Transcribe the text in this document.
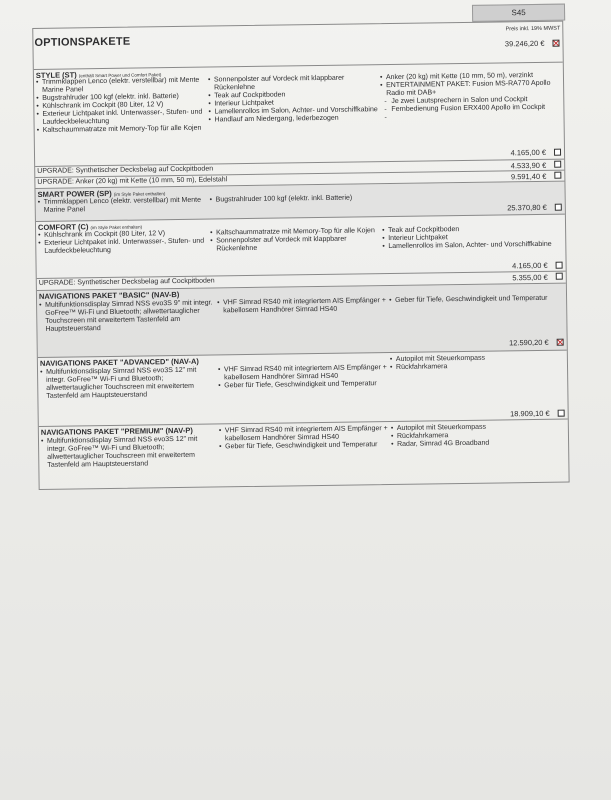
S45
OPTIONSPAKETE
Preis inkl. 19% MWST
39.246,20 €
STYLE (ST) (enthält Smart Power und Comfort Paket)
• Trimmklappen Lenco (elektr. verstellbar) mit Mente Marine Panel
• Bugstrahlruder 100 kgf (elektr. inkl. Batterie)
• Kühlschrank im Cockpit (80 Liter, 12 V)
• Exterieur Lichtpaket inkl. Unterwasser-, Stufen- und Laufdeckbeleuchtung
• Kaltschaummatratze mit Memory-Top für alle Kojen
• Sonnenpolster auf Vordeck mit klappbarer Rückenlehne
• Teak auf Cockpitboden
• Interieur Lichtpaket
• Lamellenrollos im Salon, Achter- und Vorschiffkabine
• Handlauf am Niedergang, lederbezogen
• Anker (20 kg) mit Kette (10 mm, 50 m), verzinkt
• ENTERTAINMENT PAKET: Fusion MS-RA770 Apollo Radio mit DAB+
- Je zwei Lautsprechern in Salon und Cockpit
- Fernbedienung Fusion ERX400 Apollo im Cockpit
-
4.165,00 €
UPGRADE: Synthetischer Decksbelag auf Cockpitboden	4.533,90 €
UPGRADE: Anker (20 kg) mit Kette (10 mm, 50 m), Edelstahl	9.591,40 €
SMART POWER (SP) (im Style Paket enthalten)
• Trimmklappen Lenco (elektr. verstellbar) mit Mente Marine Panel
• Bugstrahlruder 100 kgf (elektr. inkl. Batterie)
25.370,80 €
COMFORT (C) (im Style Paket enthalten)
• Kühlschrank im Cockpit (80 Liter, 12 V)
• Exterieur Lichtpaket inkl. Unterwasser-, Stufen- und Laufdeckbeleuchtung
• Kaltschaummatratze mit Memory-Top für alle Kojen
• Sonnenpolster auf Vordeck mit klappbarer Rückenlehne
• Teak auf Cockpitboden
• Interieur Lichtpaket
• Lamellenrollos im Salon, Achter- und Vorschiffkabine
4.165,00 €
UPGRADE: Synthetischer Decksbelag auf Cockpitboden	5.355,00 €
NAVIGATIONS PAKET "BASIC" (NAV-B)
• Multifunktionsdisplay Simrad NSS evo3S 9" mit integr. GoFree™ Wi-Fi und Bluetooth; allwettertauglicher Touchscreen mit erweitertem Tastenfeld am Hauptsteuerstand
• VHF Simrad RS40 mit integriertem AIS Empfänger + kabellosem Handhörer Simrad HS40
• Geber für Tiefe, Geschwindigkeit und Temperatur
12.590,20 €
NAVIGATIONS PAKET "ADVANCED" (NAV-A)
• Multifunktionsdisplay Simrad NSS evo3S 12" mit integr. GoFree™ Wi-Fi und Bluetooth; allwettertauglicher Touchscreen mit erweitertem Tastenfeld am Hauptsteuerstand
• VHF Simrad RS40 mit integriertem AIS Empfänger + kabellosem Handhörer Simrad HS40
• Geber für Tiefe, Geschwindigkeit und Temperatur
• Autopilot mit Steuerkompass
• Rückfahrkamera
18.909,10 €
NAVIGATIONS PAKET "PREMIUM" (NAV-P)
• Multifunktionsdisplay Simrad NSS evo3S 12" mit integr. GoFree™ Wi-Fi und Bluetooth; allwettertauglicher Touchscreen mit erweitertem Tastenfeld am Hauptsteuerstand
• VHF Simrad RS40 mit integriertem AIS Empfänger + kabellosem Handhörer Simrad HS40
• Geber für Tiefe, Geschwindigkeit und Temperatur
• Autopilot mit Steuerkompass
• Rückfahrkamera
• Radar, Simrad 4G Broadband
